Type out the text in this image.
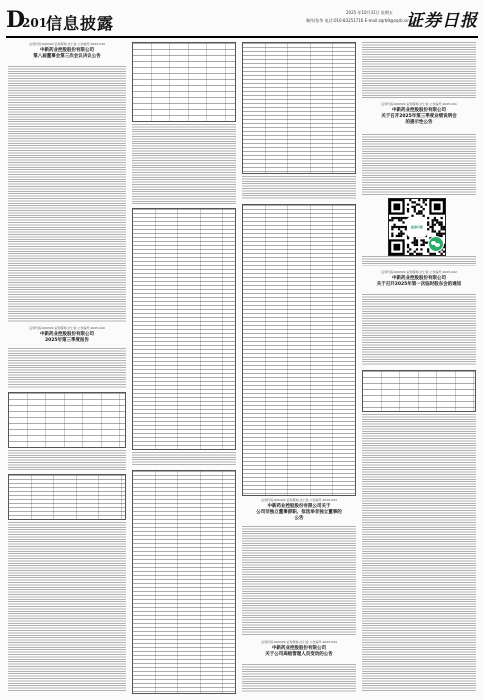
D
201
信息披露
2025 年10月31日 星期五
制作/张华 电话:010-83251716 E-mail:zqrb9@zqrb.sina.net
证券日报
证券代码:600329 证券简称:达仁堂 公告编号:2025-039
中新药业控股股份有限公司
第八届董事会第三次会议决议公告
证券代码:600329 证券简称:达仁堂 公告编号:2025-040
中新药业控股股份有限公司
2025年第三季度报告
证券代码:600329 证券简称:达仁堂 公告编号:2025-043
中新药业控股股份有限公司关于
公司非独立董事辞职、拟选举非独立董事的
公告
证券代码:600329 证券简称:达仁堂 公告编号:2025-044
中新药业控股股份有限公司
关于公司高级管理人员变动的公告
证券代码:600329 证券简称:达仁堂 公告编号:2025-041
中新药业控股股份有限公司
关于召开2025年第三季度业绩说明会
的提示性公告
证券代码:600329 证券简称:达仁堂 公告编号:2025-042
中新药业控股股份有限公司
关于召开2025年第一次临时股东会的通知
证券日报
